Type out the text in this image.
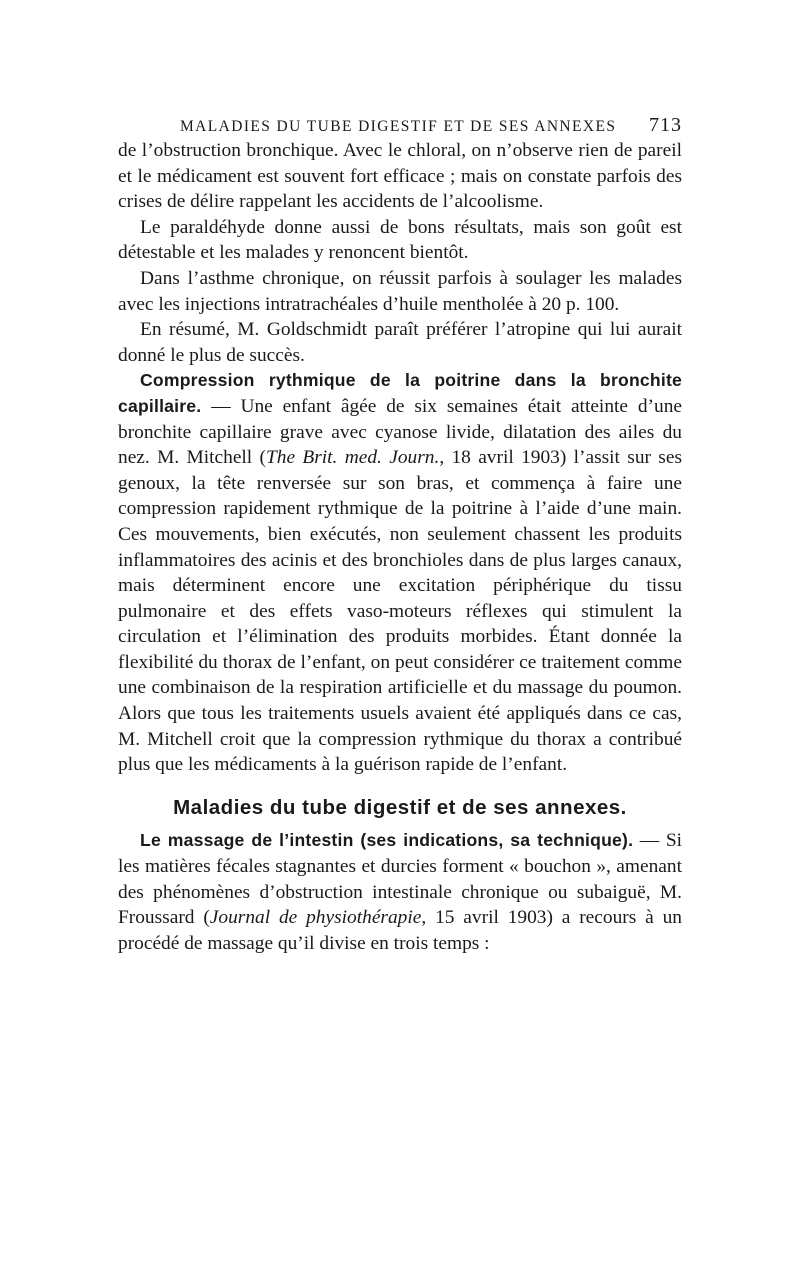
MALADIES DU TUBE DIGESTIF ET DE SES ANNEXES 713

de l’obstruction bronchique. Avec le chloral, on n’observe rien de pareil et le médicament est souvent fort efficace ; mais on constate parfois des crises de délire rappelant les accidents de l’alcoolisme.

Le paraldéhyde donne aussi de bons résultats, mais son goût est détestable et les malades y renoncent bientôt.

Dans l’asthme chronique, on réussit parfois à soulager les malades avec les injections intratrachéales d’huile mentholée à 20 p. 100.

En résumé, M. Goldschmidt paraît préférer l’atropine qui lui aurait donné le plus de succès.

Compression rythmique de la poitrine dans la bronchite capillaire. — Une enfant âgée de six semaines était atteinte d’une bronchite capillaire grave avec cyanose livide, dilatation des ailes du nez. M. Mitchell (The Brit. med. Journ., 18 avril 1903) l’assit sur ses genoux, la tête renversée sur son bras, et commença à faire une compression rapidement rythmique de la poitrine à l’aide d’une main. Ces mouvements, bien exécutés, non seulement chassent les produits inflammatoires des acinis et des bronchioles dans de plus larges canaux, mais déterminent encore une excitation périphérique du tissu pulmonaire et des effets vaso-moteurs réflexes qui stimulent la circulation et l’élimination des produits morbides. Étant donnée la flexibilité du thorax de l’enfant, on peut considérer ce traitement comme une combinaison de la respiration artificielle et du massage du poumon. Alors que tous les traitements usuels avaient été appliqués dans ce cas, M. Mitchell croit que la compression rythmique du thorax a contribué plus que les médicaments à la guérison rapide de l’enfant.

Maladies du tube digestif et de ses annexes.

Le massage de l’intestin (ses indications, sa technique). — Si les matières fécales stagnantes et durcies forment « bouchon », amenant des phénomènes d’obstruction intestinale chronique ou subaiguë, M. Froussard (Journal de physiothérapie, 15 avril 1903) a recours à un procédé de massage qu’il divise en trois temps :
